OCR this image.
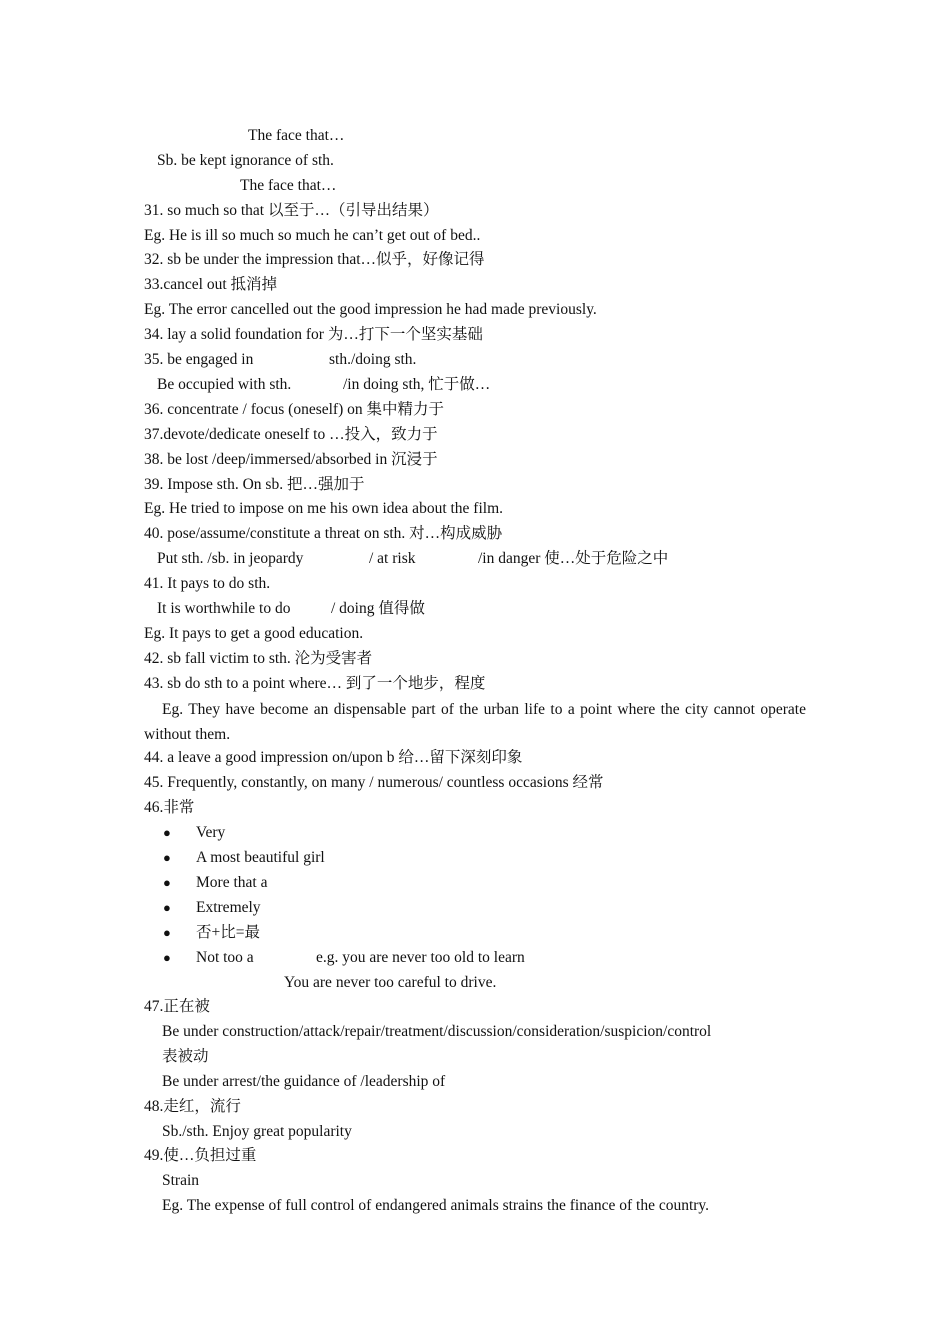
The face that…
Sb. be kept ignorance of sth.
The face that…
31. so much so that 以至于…（引导出结果）
Eg. He is ill so much so much he can’t get out of bed..
32. sb be under the impression that…似乎，好像记得
33.cancel out 抵消掉
Eg. The error cancelled out the good impression he had made previously.
34. lay a solid foundation for 为…打下一个坚实基础
35. be engaged in	sth./doing sth.
Be occupied with sth.	/in doing sth, 忙于做…
36. concentrate / focus (oneself) on 集中精力于
37.devote/dedicate oneself to …投入，致力于
38. be lost /deep/immersed/absorbed in 沉浸于
39. Impose sth. On sb. 把…强加于
Eg. He tried to impose on me his own idea about the film.
40. pose/assume/constitute a threat on sth. 对…构成威胁
Put sth. /sb. in jeopardy	/ at risk	/in danger 使…处于危险之中
41. It pays to do sth.
It is worthwhile to do	/ doing 值得做
Eg. It pays to get a good education.
42. sb fall victim to sth. 沦为受害者
43. sb do sth to a point where… 到了一个地步，程度
Eg. They have become an dispensable part of the urban life to a point where the city cannot operate without them.
44. a leave a good impression on/upon b 给…留下深刻印象
45. Frequently, constantly, on many / numerous/ countless occasions 经常
46.非常
● Very
● A most beautiful girl
● More that a
● Extremely
● 否+比=最
● Not too a	e.g. you are never too old to learn
You are never too careful to drive.
47.正在被
Be under construction/attack/repair/treatment/discussion/consideration/suspicion/control
表被动
Be under arrest/the guidance of /leadership of
48.走红，流行
Sb./sth. Enjoy great popularity
49.使…负担过重
Strain
Eg. The expense of full control of endangered animals strains the finance of the country.
